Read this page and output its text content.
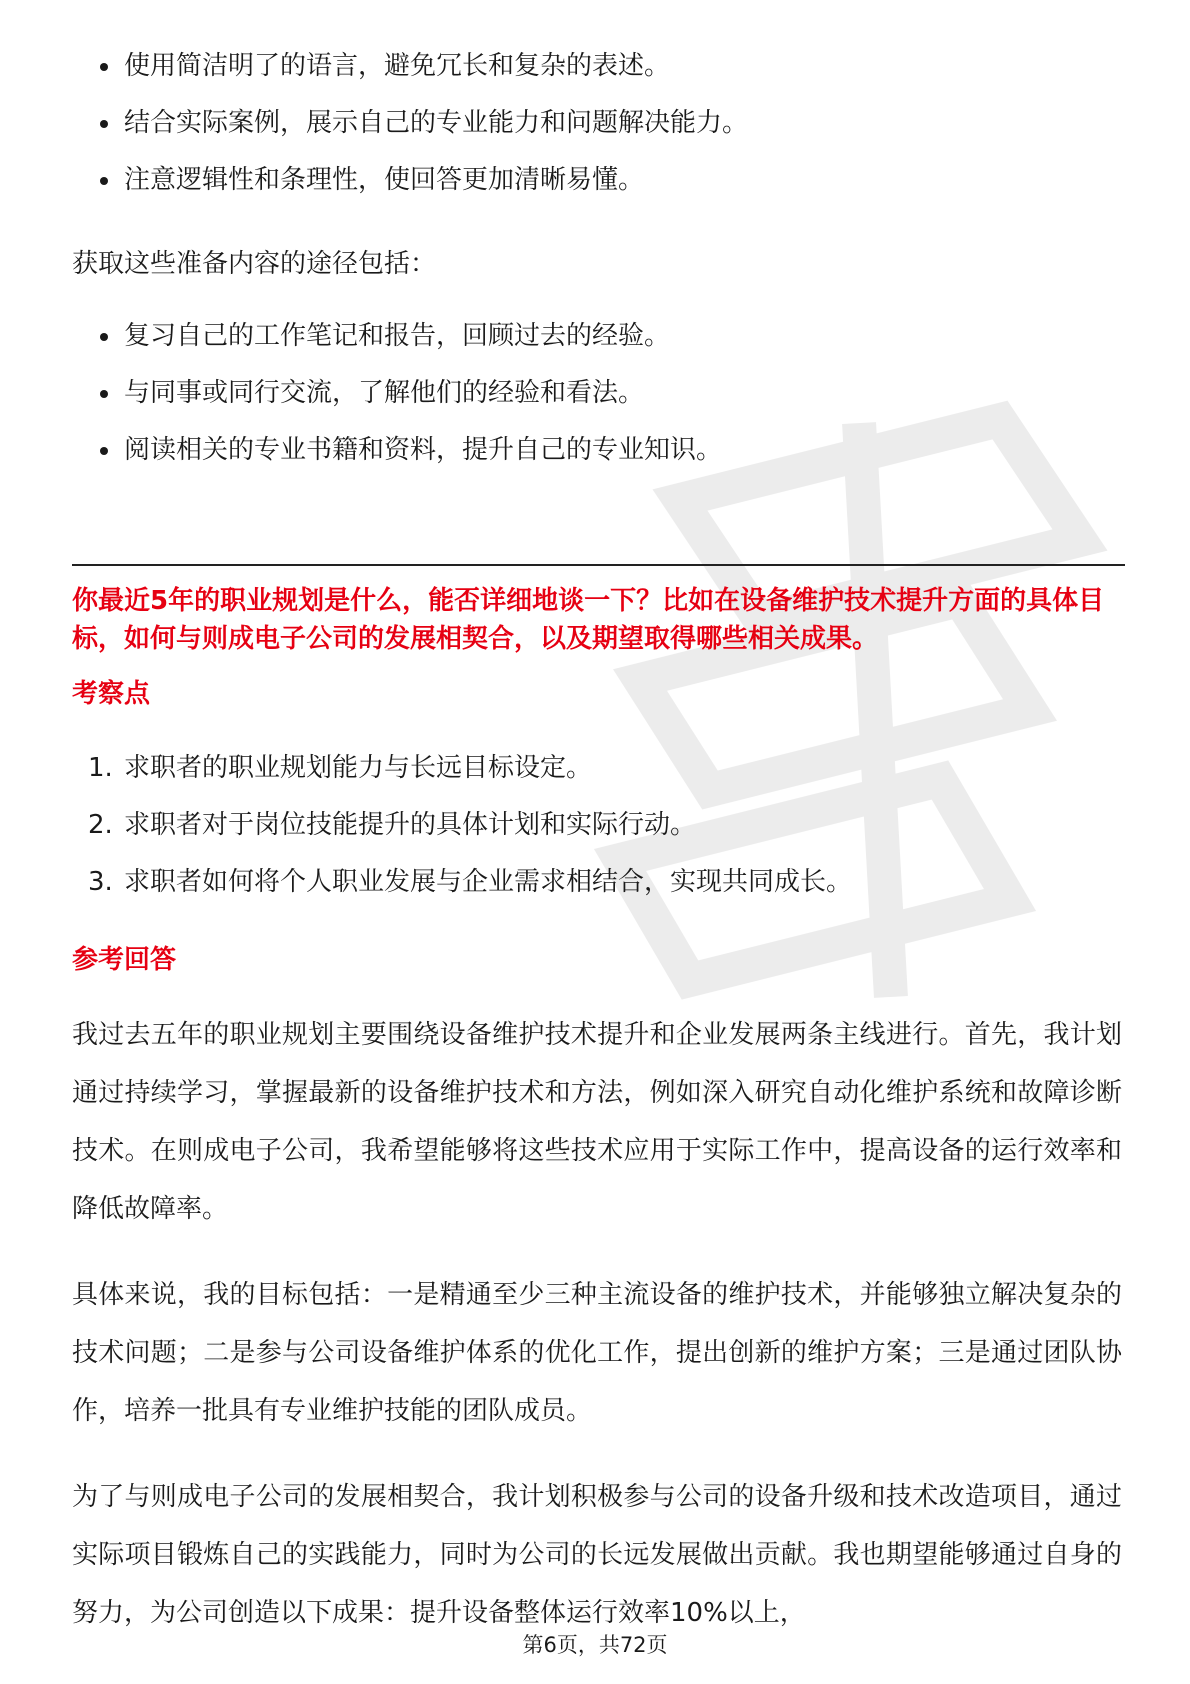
使用简洁明了的语言，避免冗长和复杂的表述。
结合实际案例，展示自己的专业能力和问题解决能力。
注意逻辑性和条理性，使回答更加清晰易懂。
获取这些准备内容的途径包括：
复习自己的工作笔记和报告，回顾过去的经验。
与同事或同行交流，了解他们的经验和看法。
阅读相关的专业书籍和资料，提升自己的专业知识。
你最近5年的职业规划是什么，能否详细地谈一下？比如在设备维护技术提升方面的具体目标，如何与则成电子公司的发展相契合，以及期望取得哪些相关成果。
考察点
1. 求职者的职业规划能力与长远目标设定。
2. 求职者对于岗位技能提升的具体计划和实际行动。
3. 求职者如何将个人职业发展与企业需求相结合，实现共同成长。
参考回答
我过去五年的职业规划主要围绕设备维护技术提升和企业发展两条主线进行。首先，我计划通过持续学习，掌握最新的设备维护技术和方法，例如深入研究自动化维护系统和故障诊断技术。在则成电子公司，我希望能够将这些技术应用于实际工作中，提高设备的运行效率和降低故障率。
具体来说，我的目标包括：一是精通至少三种主流设备的维护技术，并能够独立解决复杂的技术问题；二是参与公司设备维护体系的优化工作，提出创新的维护方案；三是通过团队协作，培养一批具有专业维护技能的团队成员。
为了与则成电子公司的发展相契合，我计划积极参与公司的设备升级和技术改造项目，通过实际项目锻炼自己的实践能力，同时为公司的长远发展做出贡献。我也期望能够通过自身的努力，为公司创造以下成果：提升设备整体运行效率10%以上，
第6页，共72页
